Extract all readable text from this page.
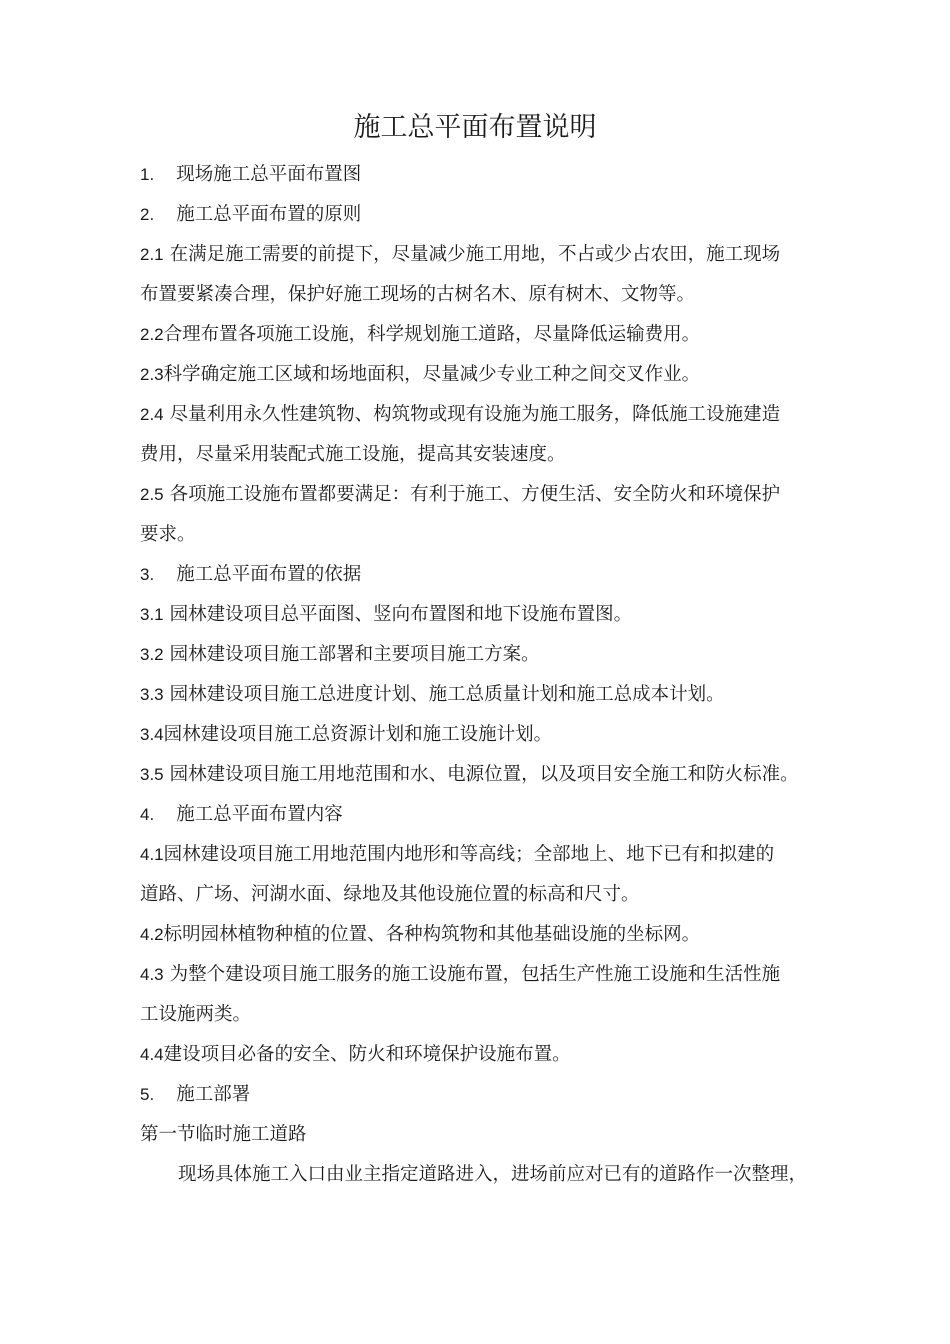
施工总平面布置说明
1. 现场施工总平面布置图
2. 施工总平面布置的原则
2.1 在满足施工需要的前提下，尽量减少施工用地，不占或少占农田，施工现场
布置要紧凑合理，保护好施工现场的古树名木、原有树木、文物等。
2.2合理布置各项施工设施，科学规划施工道路，尽量降低运输费用。
2.3科学确定施工区域和场地面积，尽量减少专业工种之间交叉作业。
2.4 尽量利用永久性建筑物、构筑物或现有设施为施工服务，降低施工设施建造
费用，尽量采用装配式施工设施，提高其安装速度。
2.5 各项施工设施布置都要满足：有利于施工、方便生活、安全防火和环境保护
要求。
3. 施工总平面布置的依据
3.1 园林建设项目总平面图、竖向布置图和地下设施布置图。
3.2 园林建设项目施工部署和主要项目施工方案。
3.3 园林建设项目施工总进度计划、施工总质量计划和施工总成本计划。
3.4园林建设项目施工总资源计划和施工设施计划。
3.5 园林建设项目施工用地范围和水、电源位置，以及项目安全施工和防火标准。
4. 施工总平面布置内容
4.1园林建设项目施工用地范围内地形和等高线；全部地上、地下已有和拟建的
道路、广场、河湖水面、绿地及其他设施位置的标高和尺寸。
4.2标明园林植物种植的位置、各种构筑物和其他基础设施的坐标网。
4.3 为整个建设项目施工服务的施工设施布置，包括生产性施工设施和生活性施
工设施两类。
4.4建设项目必备的安全、防火和环境保护设施布置。
5. 施工部署
第一节临时施工道路
现场具体施工入口由业主指定道路进入，进场前应对已有的道路作一次整理，
